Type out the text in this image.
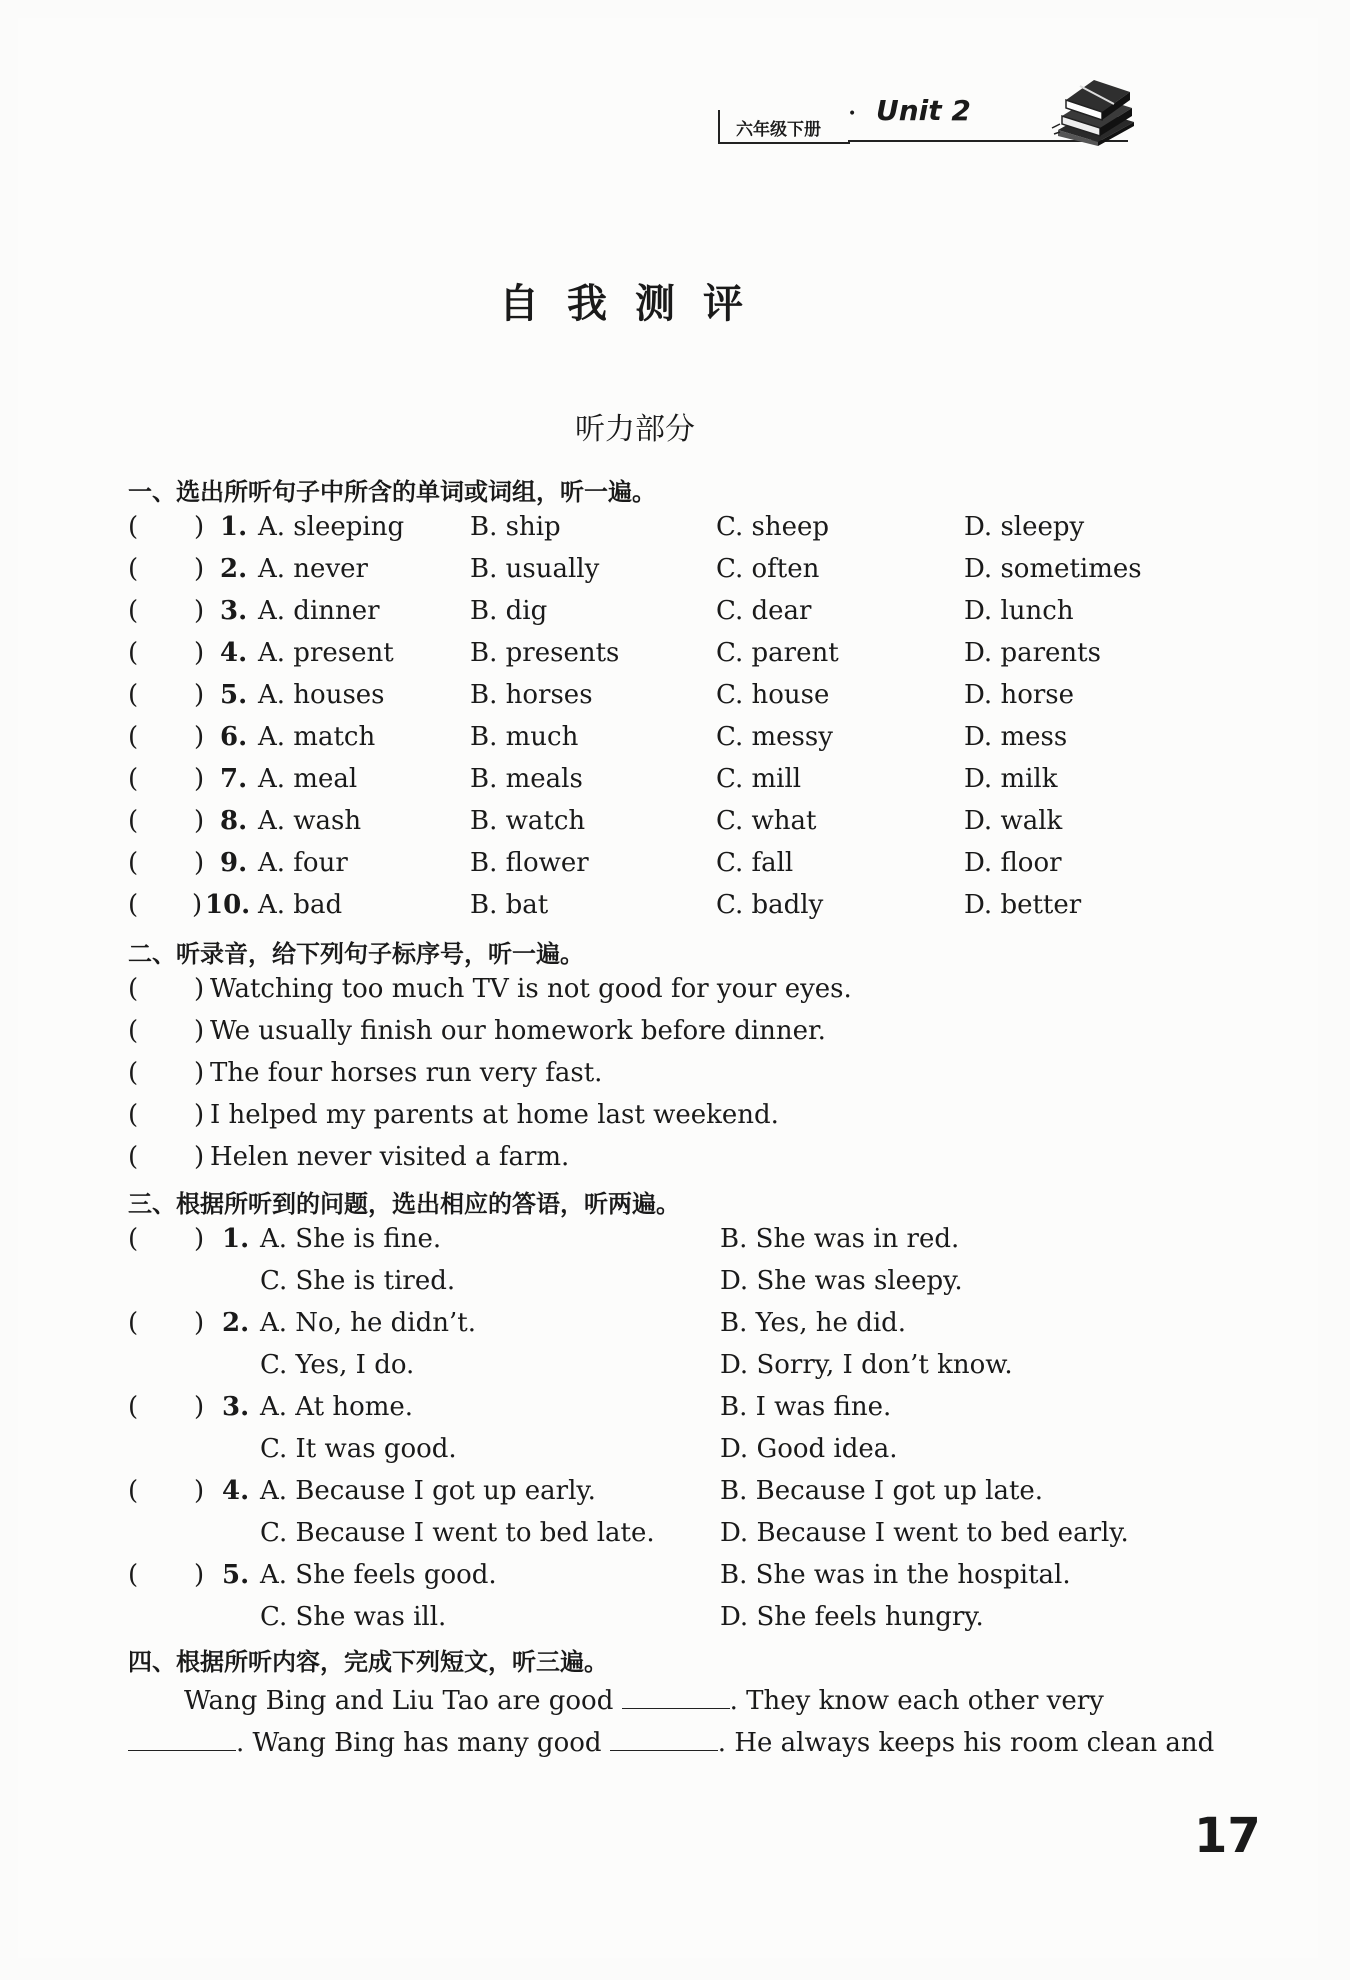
六年级下册
• Unit 2
自我测评
听力部分
一、选出所听句子中所含的单词或词组，听一遍。
( ) 1. A. sleeping	B. ship	C. sheep	D. sleepy
( ) 2. A. never	B. usually	C. often	D. sometimes
( ) 3. A. dinner	B. dig	C. dear	D. lunch
( ) 4. A. present	B. presents	C. parent	D. parents
( ) 5. A. houses	B. horses	C. house	D. horse
( ) 6. A. match	B. much	C. messy	D. mess
( ) 7. A. meal	B. meals	C. mill	D. milk
( ) 8. A. wash	B. watch	C. what	D. walk
( ) 9. A. four	B. flower	C. fall	D. floor
( ) 10. A. bad	B. bat	C. badly	D. better
二、听录音，给下列句子标序号，听一遍。
( ) Watching too much TV is not good for your eyes.
( ) We usually finish our homework before dinner.
( ) The four horses run very fast.
( ) I helped my parents at home last weekend.
( ) Helen never visited a farm.
三、根据所听到的问题，选出相应的答语，听两遍。
( ) 1. A. She is fine.	B. She was in red.
C. She is tired.	D. She was sleepy.
( ) 2. A. No, he didn’t.	B. Yes, he did.
C. Yes, I do.	D. Sorry, I don’t know.
( ) 3. A. At home.	B. I was fine.
C. It was good.	D. Good idea.
( ) 4. A. Because I got up early.	B. Because I got up late.
C. Because I went to bed late.	D. Because I went to bed early.
( ) 5. A. She feels good.	B. She was in the hospital.
C. She was ill.	D. She feels hungry.
四、根据所听内容，完成下列短文，听三遍。
Wang Bing and Liu Tao are good	. They know each other very
. Wang Bing has many good	. He always keeps his room clean and
17
